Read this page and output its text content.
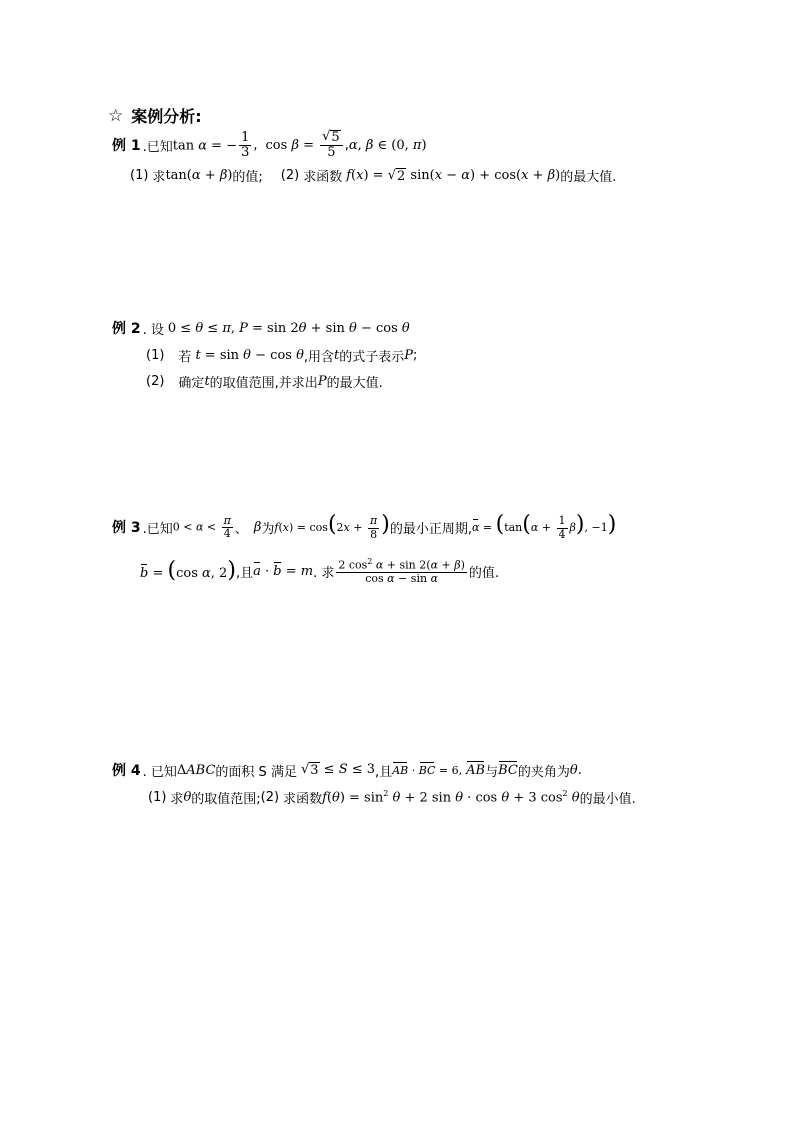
☆ 案例分析:
例 1 .已知 tan α = − $\frac{1}{3}$ , $\cos \beta = \frac{√ 5}{5}$ , α, β ∈ (0, π)
(1) 求 tan(α + β) 的值; (2) 求函数 f(x) = √ 2 sin(x − α) + cos(x + β) 的最大值.
例 2 . 设 0 ≤ θ ≤ π, P = sin 2θ + sin θ − cos θ
(1) 若 t = sin θ − cos θ ,用含 t 的式子表示 P ;
(2) 确定 t 的取值范围,并求出 P 的最大值.
例 3 .已知 $0 < \alpha < \frac{\pi}{4}$ 、 β 为 $f(x) = \cos(2x + \frac{\pi}{8}$ ) 的最小正周期, $\alpha = (\tan(\alpha + \frac{1}{4} \beta)$, −1)
b = (cos α, 2) ,且 a · b = m . 求 $\frac{2 \cos^2 \alpha + \sin 2(\alpha + \beta)}{\text{cos α − sin α}}$ 的值.
例 4 . 已知 ΔABC 的面积 S 满足 √ 3 ≤ S ≤ 3 ,且 AB · BC = 6, AB 与 BC 的夹角为 θ .
(1) 求 θ 的取值范围; (2) 求函数 $f(\theta) = \sin^2 \theta + 2$ sin θ · cos θ + 3 $\cos^2 \theta$ 的最小值.
